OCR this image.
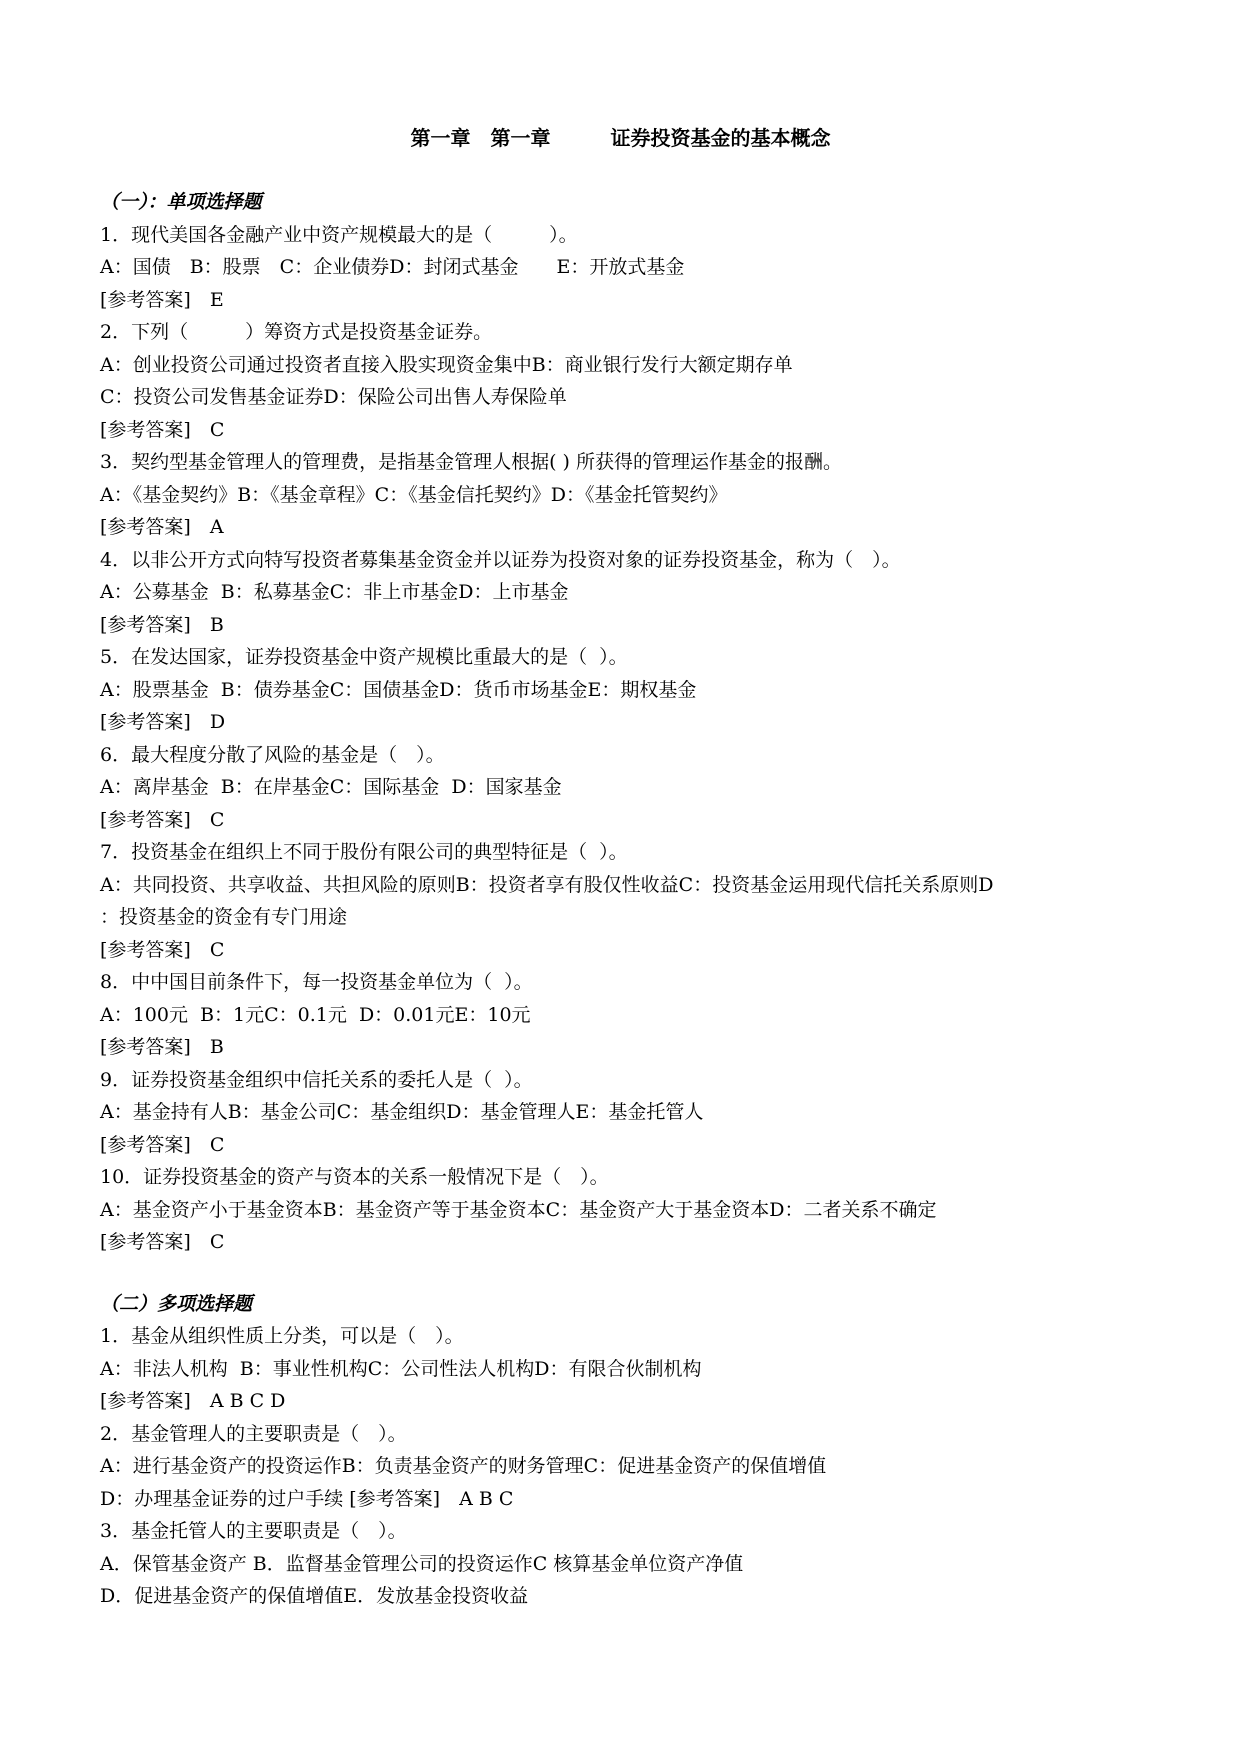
第一章　第一章　　　证券投资基金的基本概念
（一）：单项选择题
1．现代美国各金融产业中资产规模最大的是（　　　）。
A：国债　B：股票　C：企业债券D：封闭式基金　　E：开放式基金
[参考答案]　E
2．下列（　　　）筹资方式是投资基金证券。
A：创业投资公司通过投资者直接入股实现资金集中B：商业银行发行大额定期存单
C：投资公司发售基金证券D：保险公司出售人寿保险单
[参考答案]　C
3．契约型基金管理人的管理费，是指基金管理人根据( ) 所获得的管理运作基金的报酬。
A：《基金契约》B：《基金章程》C：《基金信托契约》D：《基金托管契约》
[参考答案]　A
4．以非公开方式向特写投资者募集基金资金并以证券为投资对象的证券投资基金，称为（　）。
A：公募基金  B：私募基金C：非上市基金D：上市基金
[参考答案]　B
5．在发达国家，证券投资基金中资产规模比重最大的是（  ）。
A：股票基金  B：债券基金C：国债基金D：货币市场基金E：期权基金
[参考答案]　D
6．最大程度分散了风险的基金是（　）。
A：离岸基金  B：在岸基金C：国际基金  D：国家基金
[参考答案]　C
7．投资基金在组织上不同于股份有限公司的典型特征是（  ）。
A：共同投资、共享收益、共担风险的原则B：投资者享有股仅性收益C：投资基金运用现代信托关系原则D
：投资基金的资金有专门用途
[参考答案]　C
8．中中国目前条件下，每一投资基金单位为（  ）。
A：100元  B：1元C：0.1元  D：0.01元E：10元
[参考答案]　B
9．证券投资基金组织中信托关系的委托人是（  ）。
A：基金持有人B：基金公司C：基金组织D：基金管理人E：基金托管人
[参考答案]　C
10．证券投资基金的资产与资本的关系一般情况下是（　）。
A：基金资产小于基金资本B：基金资产等于基金资本C：基金资产大于基金资本D：二者关系不确定
[参考答案]　C
（二）多项选择题
1．基金从组织性质上分类，可以是（　）。
A：非法人机构  B：事业性机构C：公司性法人机构D：有限合伙制机构
[参考答案]　A B C D
2．基金管理人的主要职责是（　）。
A：进行基金资产的投资运作B：负责基金资产的财务管理C：促进基金资产的保值增值
D：办理基金证券的过户手续 [参考答案]　A B C
3．基金托管人的主要职责是（　）。
A．保管基金资产 B．监督基金管理公司的投资运作C 核算基金单位资产净值
D．促进基金资产的保值增值E．发放基金投资收益
